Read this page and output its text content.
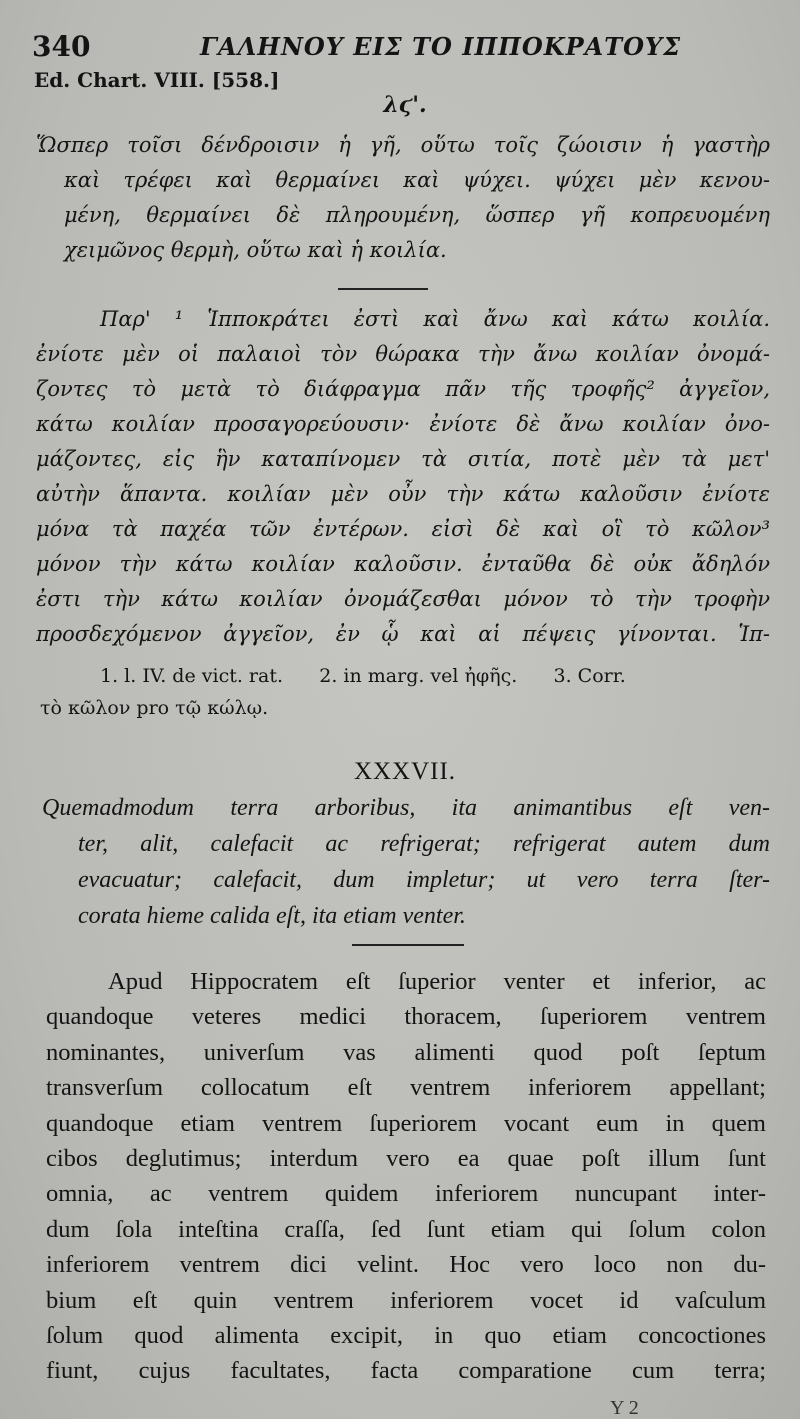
340	ΓΑΛΗΝΟΥ ΕΙΣ ΤΟ ΙΠΠΟΚΡΑΤΟΥΣ
Ed. Chart. VIII. [558.]
λϛ'.
Ὥσπερ τοῖσι δένδροισιν ἡ γῆ, οὕτω τοῖς ζώοισιν ἡ γαστὴρ
καὶ τρέφει καὶ θερμαίνει καὶ ψύχει. ψύχει μὲν κενου-
μένη, θερμαίνει δὲ πληρουμένη, ὥσπερ γῆ κοπρευομένη
χειμῶνος θερμὴ, οὕτω καὶ ἡ κοιλία.
Παρ' ¹ Ἱπποκράτει ἐστὶ καὶ ἄνω καὶ κάτω κοιλία.
ἐνίοτε μὲν οἱ παλαιοὶ τὸν θώρακα τὴν ἄνω κοιλίαν ὀνομά-
ζοντες τὸ μετὰ τὸ διάφραγμα πᾶν τῆς τροφῆς² ἀγγεῖον,
κάτω κοιλίαν προσαγορεύουσιν· ἐνίοτε δὲ ἄνω κοιλίαν ὀνο-
μάζοντες, εἰς ἣν καταπίνομεν τὰ σιτία, ποτὲ μὲν τὰ μετ'
αὐτὴν ἅπαντα. κοιλίαν μὲν οὖν τὴν κάτω καλοῦσιν ἐνίοτε
μόνα τὰ παχέα τῶν ἐντέρων. εἰσὶ δὲ καὶ οἳ τὸ κῶλον³
μόνον τὴν κάτω κοιλίαν καλοῦσιν. ἐνταῦθα δὲ οὐκ ἄδηλόν
ἐστι τὴν κάτω κοιλίαν ὀνομάζεσθαι μόνον τὸ τὴν τροφὴν
προσδεχόμενον ἀγγεῖον, ἐν ᾧ καὶ αἱ πέψεις γίνονται. Ἱπ-
1. l. IV. de vict. rat.      2. in marg. vel ἠφῆς.      3. Corr.
τὸ κῶλον pro τῷ κώλῳ.
XXXVII.
Quemadmodum terra arboribus, ita animantibus eſt ven-
ter, alit, calefacit ac refrigerat; refrigerat autem dum
evacuatur; calefacit, dum impletur; ut vero terra ſter-
corata hieme calida eſt, ita etiam venter.
Apud Hippocratem eſt ſuperior venter et inferior, ac
quandoque veteres medici thoracem, ſuperiorem ventrem
nominantes, univerſum vas alimenti quod poſt ſeptum
transverſum collocatum eſt ventrem inferiorem appellant;
quandoque etiam ventrem ſuperiorem vocant eum in quem
cibos deglutimus; interdum vero ea quae poſt illum ſunt
omnia, ac ventrem quidem inferiorem nuncupant inter-
dum ſola inteſtina craſſa, ſed ſunt etiam qui ſolum colon
inferiorem ventrem dici velint. Hoc vero loco non du-
bium eſt quin ventrem inferiorem vocet id vaſculum
ſolum quod alimenta excipit, in quo etiam concoctiones
fiunt, cujus facultates, facta comparatione cum terra;
Y 2
